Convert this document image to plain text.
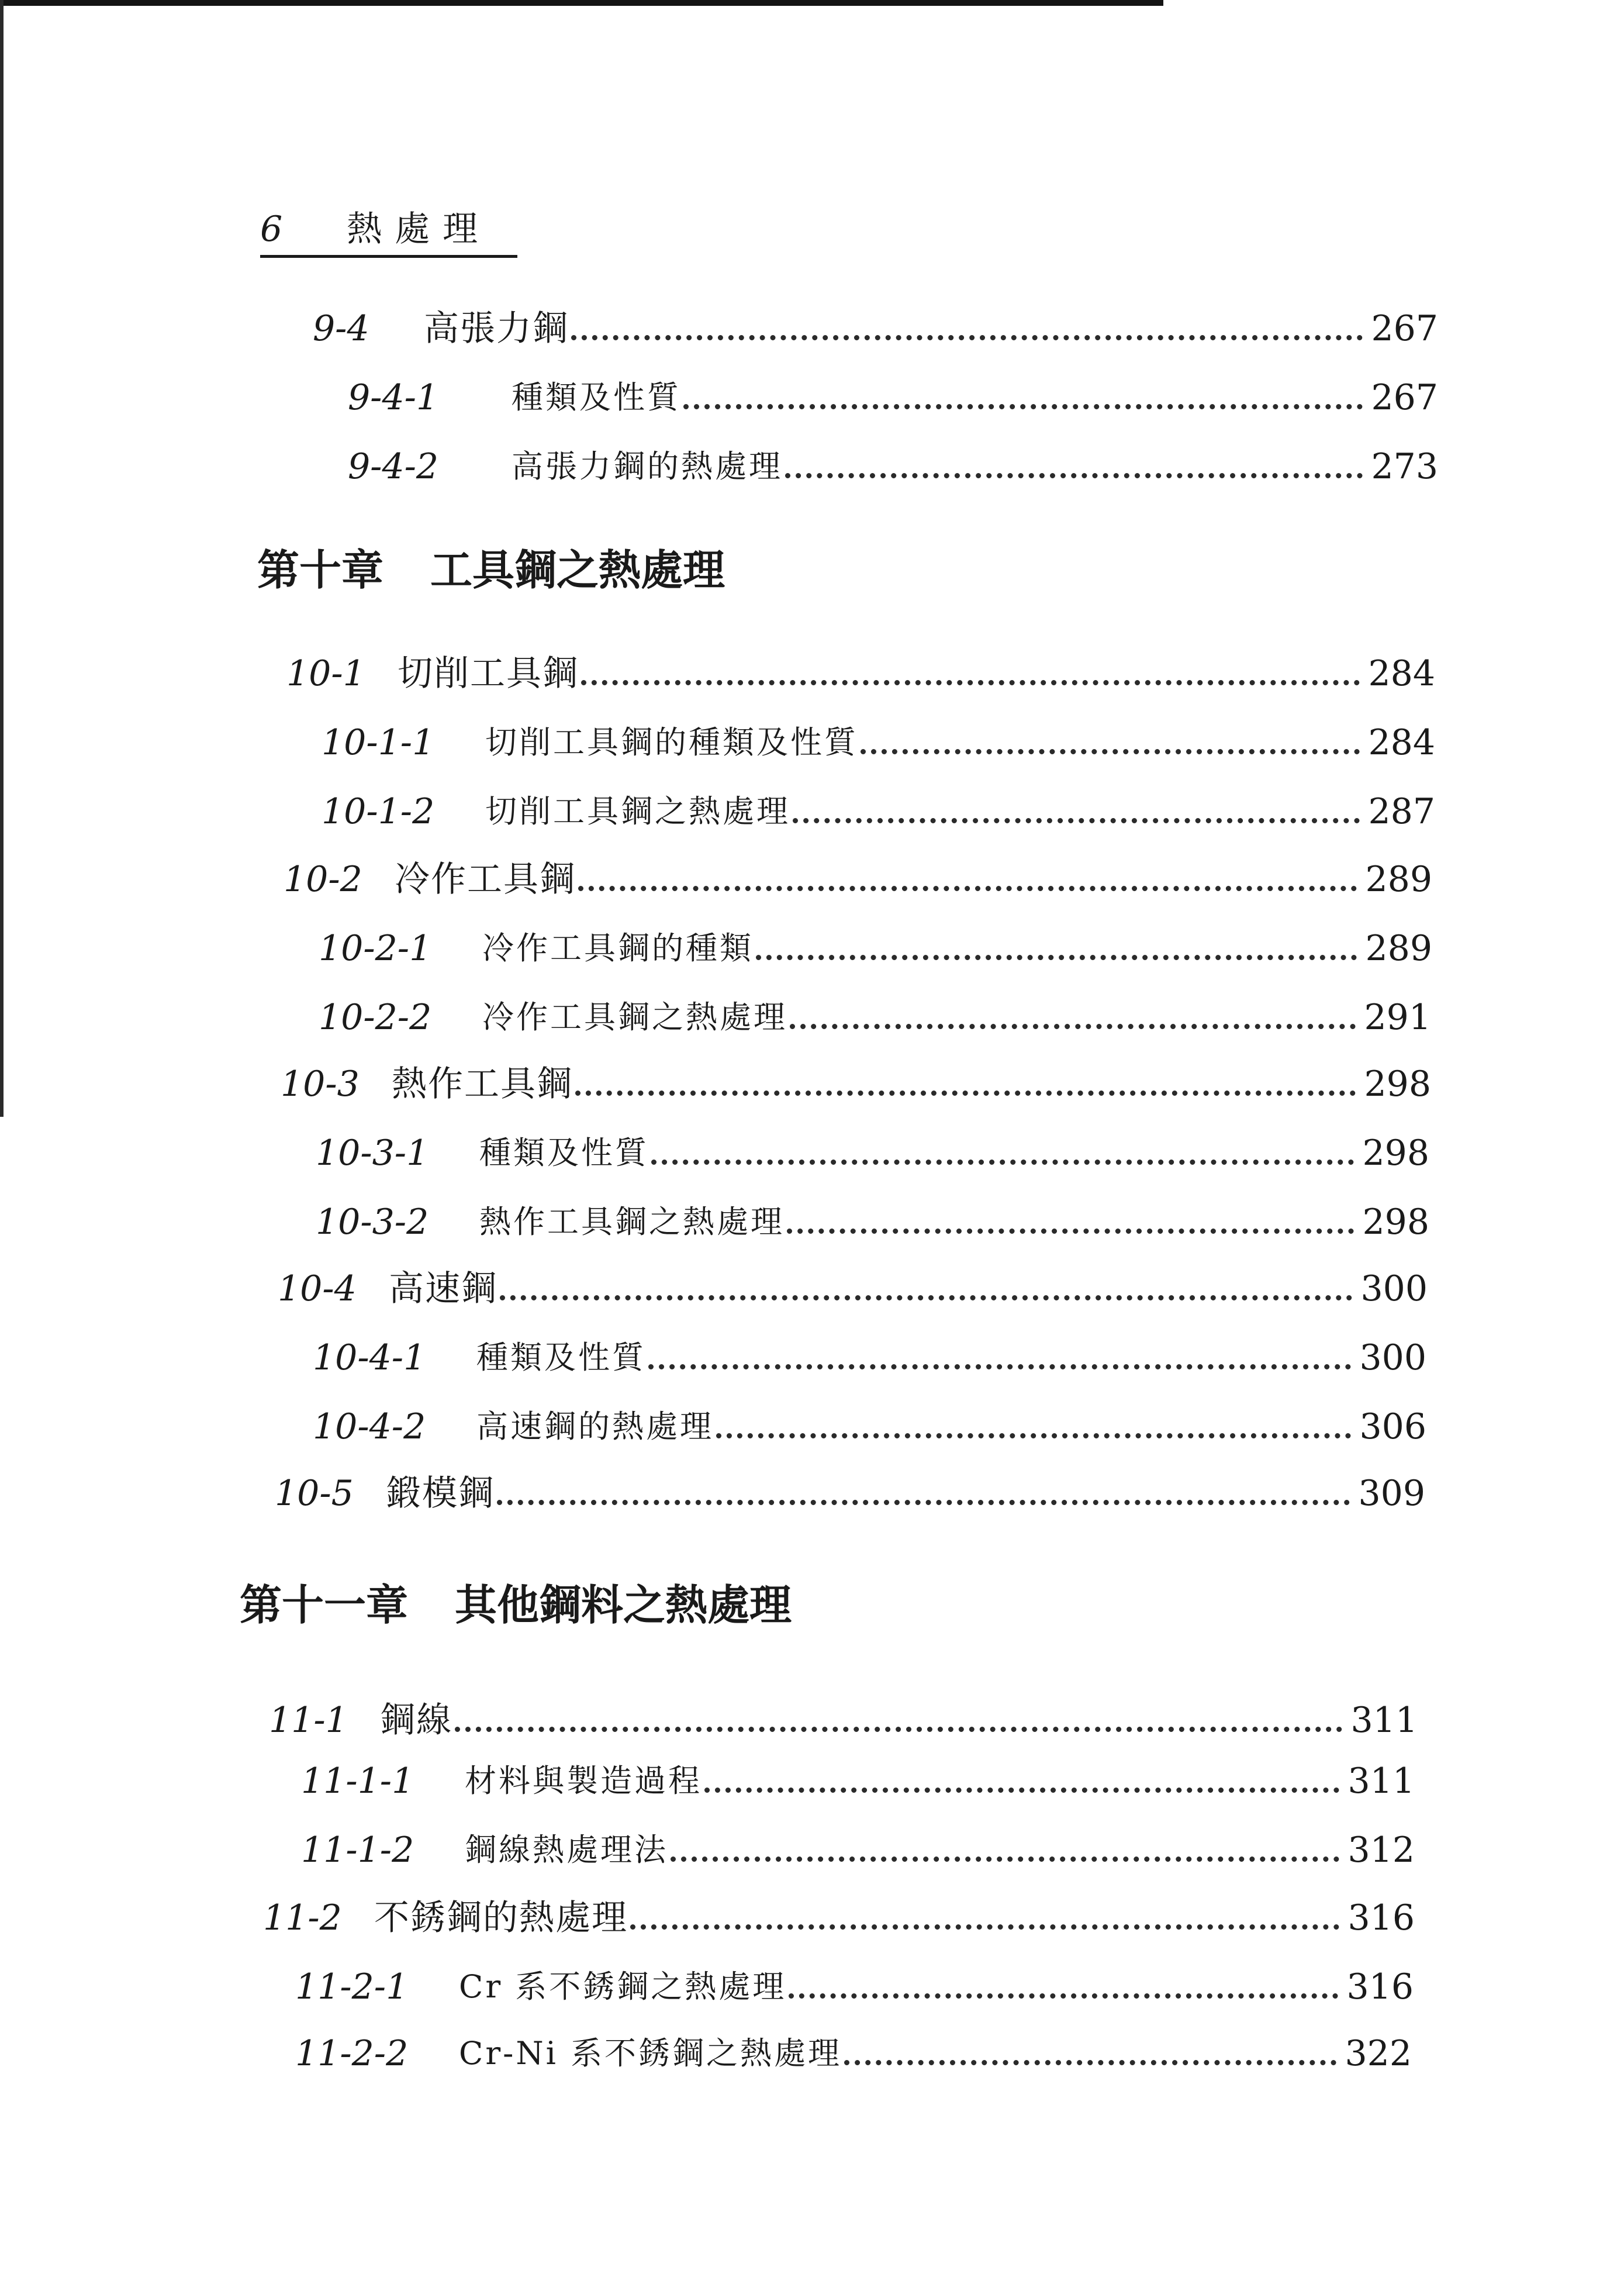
6 熱處理
9-4	高張力鋼	267
9-4-1	種類及性質	267
9-4-2	高張力鋼的熱處理	273
第十章 工具鋼之熱處理
10-1 切削工具鋼	284
10-1-1	切削工具鋼的種類及性質	284
10-1-2	切削工具鋼之熱處理	287
10-2 冷作工具鋼	289
10-2-1	冷作工具鋼的種類	289
10-2-2	冷作工具鋼之熱處理	291
10-3 熱作工具鋼	298
10-3-1	種類及性質	298
10-3-2	熱作工具鋼之熱處理	298
10-4 高速鋼	300
10-4-1	種類及性質	300
10-4-2	高速鋼的熱處理	306
10-5 鍛模鋼	309
第十一章 其他鋼料之熱處理
11-1 鋼線	311
11-1-1	材料與製造過程	311
11-1-2	鋼線熱處理法	312
11-2 不銹鋼的熱處理	316
11-2-1	Cr 系不銹鋼之熱處理	316
11-2-2	Cr-Ni 系不銹鋼之熱處理	322
